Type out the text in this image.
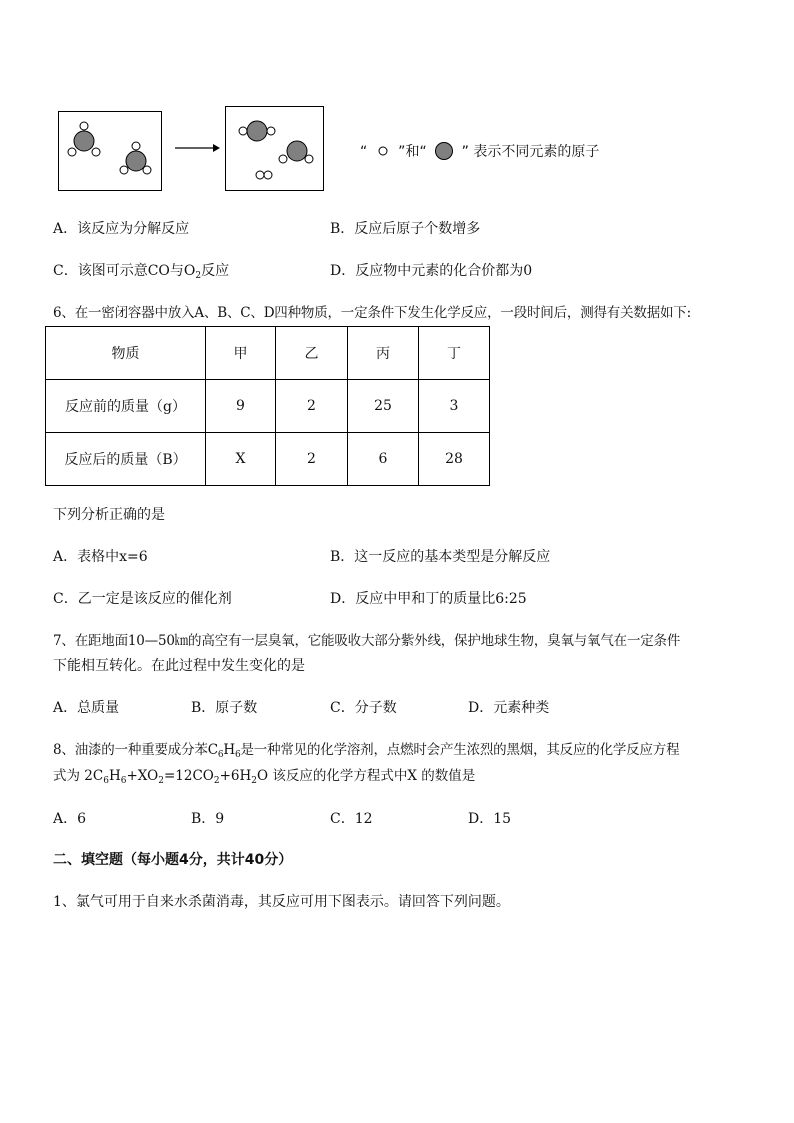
“ ”和“ ” 表示不同元素的原子
A．该反应为分解反应	B．反应后原子个数增多
C．该图可示意CO与$O_2$反应	D．反应物中元素的化合价都为0
6、在一密闭容器中放入A、B、C、D四种物质，一定条件下发生化学反应，一段时间后，测得有关数据如下:
物质	甲	乙	丙	丁
反应前的质量（g）	9	2	25	3
反应后的质量（B）	X	2	6	28
下列分析正确的是
A．表格中x=6	B．这一反应的基本类型是分解反应
C．乙一定是该反应的催化剂	D．反应中甲和丁的质量比6:25
7、在距地面10—50㎞的高空有一层臭氧，它能吸收大部分紫外线，保护地球生物，臭氧与氧气在一定条件
下能相互转化。在此过程中发生变化的是
A．总质量	B．原子数	C．分子数	D．元素种类
8、油漆的一种重要成分苯$C_6H_6$是一种常见的化学溶剂，点燃时会产生浓烈的黑烟，其反应的化学反应方程
式为 $2C_6H_6+XO_2=12CO_2+6H_2O$ 该反应的化学方程式中X 的数值是
A．6	B．9	C．12	D．15
二、填空题（每小题4分，共计40分）
1、氯气可用于自来水杀菌消毒，其反应可用下图表示。请回答下列问题。
